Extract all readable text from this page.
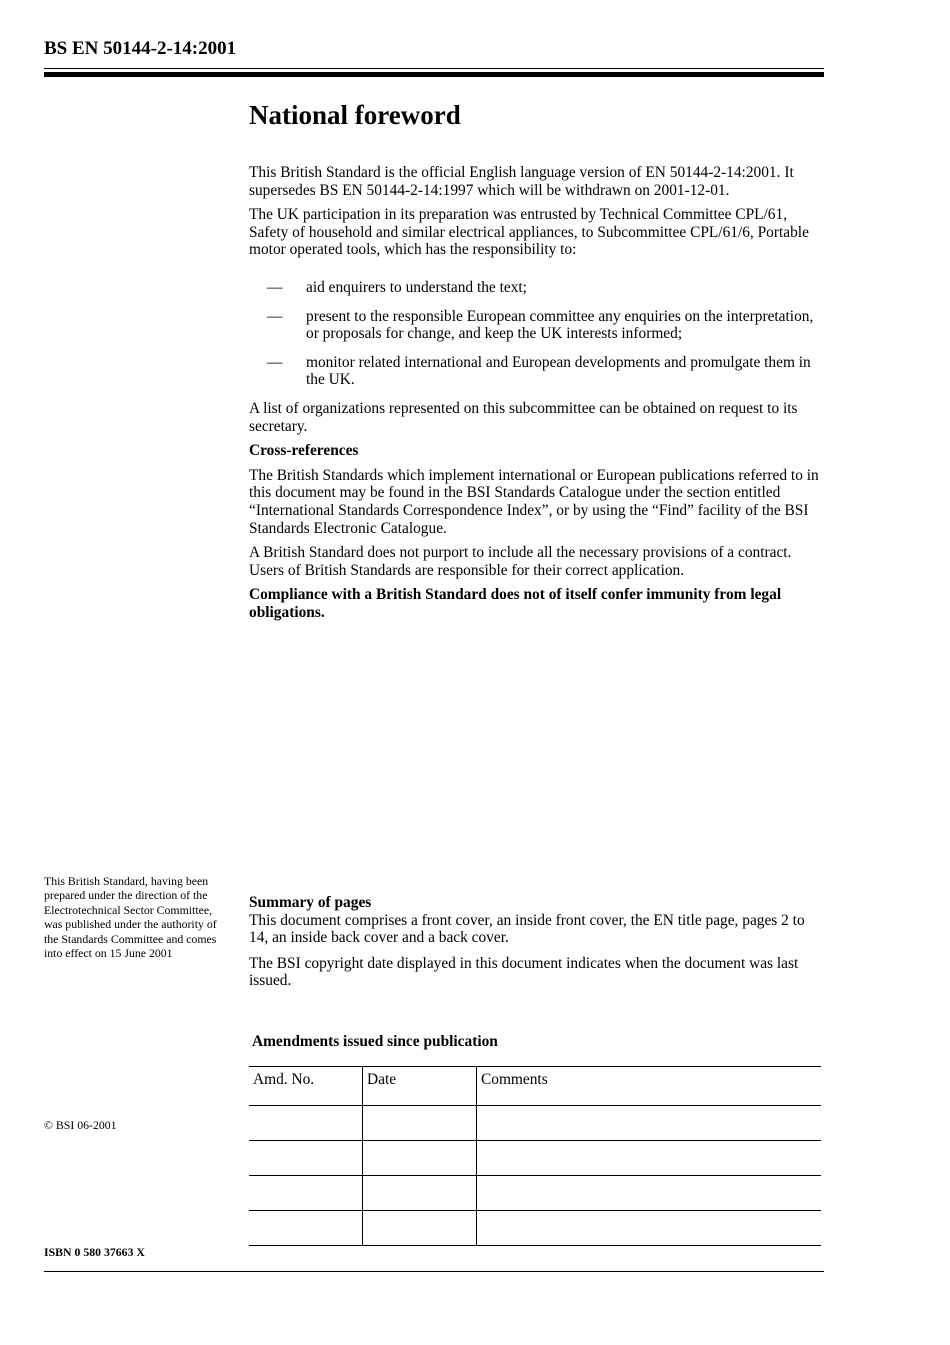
BS EN 50144-2-14:2001
National foreword

This British Standard is the official English language version of EN 50144-2-14:2001. It supersedes BS EN 50144-2-14:1997 which will be withdrawn on 2001-12-01.

The UK participation in its preparation was entrusted by Technical Committee CPL/61, Safety of household and similar electrical appliances, to Subcommittee CPL/61/6, Portable motor operated tools, which has the responsibility to:

— aid enquirers to understand the text;
— present to the responsible European committee any enquiries on the interpretation, or proposals for change, and keep the UK interests informed;
— monitor related international and European developments and promulgate them in the UK.

A list of organizations represented on this subcommittee can be obtained on request to its secretary.

Cross-references

The British Standards which implement international or European publications referred to in this document may be found in the BSI Standards Catalogue under the section entitled “International Standards Correspondence Index”, or by using the “Find” facility of the BSI Standards Electronic Catalogue.

A British Standard does not purport to include all the necessary provisions of a contract. Users of British Standards are responsible for their correct application.

Compliance with a British Standard does not of itself confer immunity from legal obligations.

This British Standard, having been prepared under the direction of the Electrotechnical Sector Committee, was published under the authority of the Standards Committee and comes into effect on 15 June 2001

Summary of pages

This document comprises a front cover, an inside front cover, the EN title page, pages 2 to 14, an inside back cover and a back cover.

The BSI copyright date displayed in this document indicates when the document was last issued.

Amendments issued since publication
Amd. No.	Date	Comments

© BSI 06-2001
ISBN 0 580 37663 X
